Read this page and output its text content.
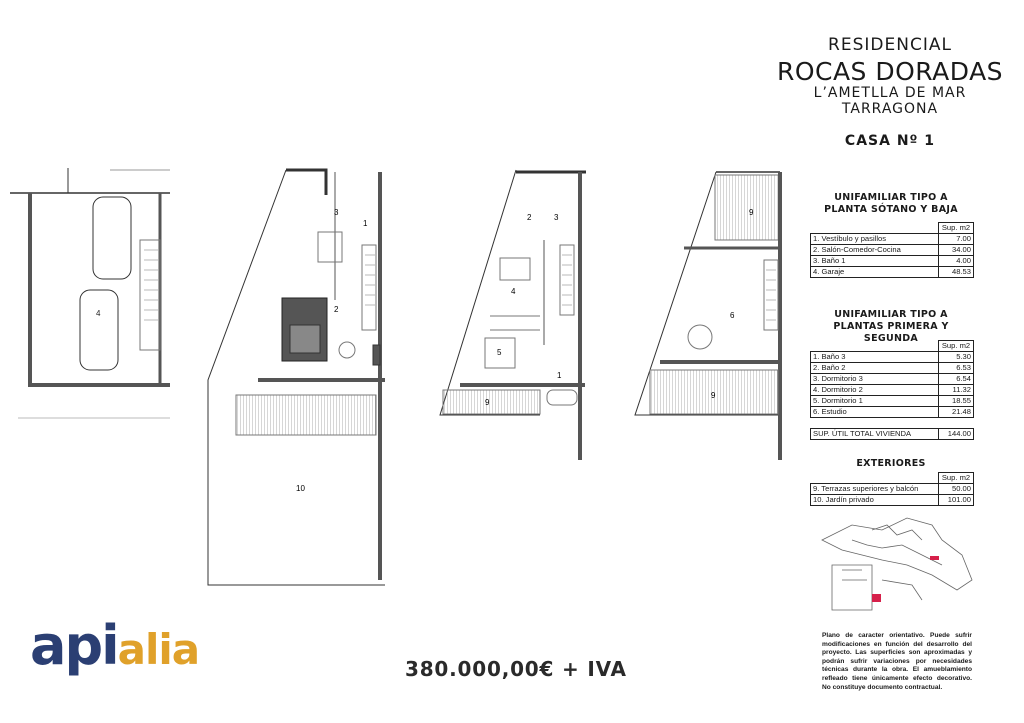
4
1
2
3
10
1
2	3
4
5
9
6
9
9
RESIDENCIAL
ROCAS DORADAS
L’AMETLLA DE MAR
TARRAGONA
CASA Nº 1
UNIFAMILIAR TIPO A
PLANTA SÓTANO Y BAJA
	Sup. m2
1. Vestíbulo y pasillos	7.00
2. Salón-Comedor-Cocina	34.00
3. Baño 1	4.00
4. Garaje	48.53
UNIFAMILIAR TIPO A
PLANTAS PRIMERA Y SEGUNDA
	Sup. m2
1. Baño 3	5.30
2. Baño 2	6.53
3. Dormitorio 3	6.54
4. Dormitorio 2	11.32
5. Dormitorio 1	18.55
6. Estudio	21.48
SUP. ÚTIL TOTAL VIVIENDA	144.00
EXTERIORES
	Sup. m2
9. Terrazas superiores y balcón	50.00
10. Jardín privado	101.00
Plano de caracter orientativo. Puede sufrir modificaciones en función del desarrollo del proyecto. Las superficies son aproximadas y podrán sufrir variaciones por necesidades técnicas durante la obra. El amueblamiento refleado tiene únicamente efecto decorativo. No constituye documento contractual.
380.000,00€ + IVA
apialia
